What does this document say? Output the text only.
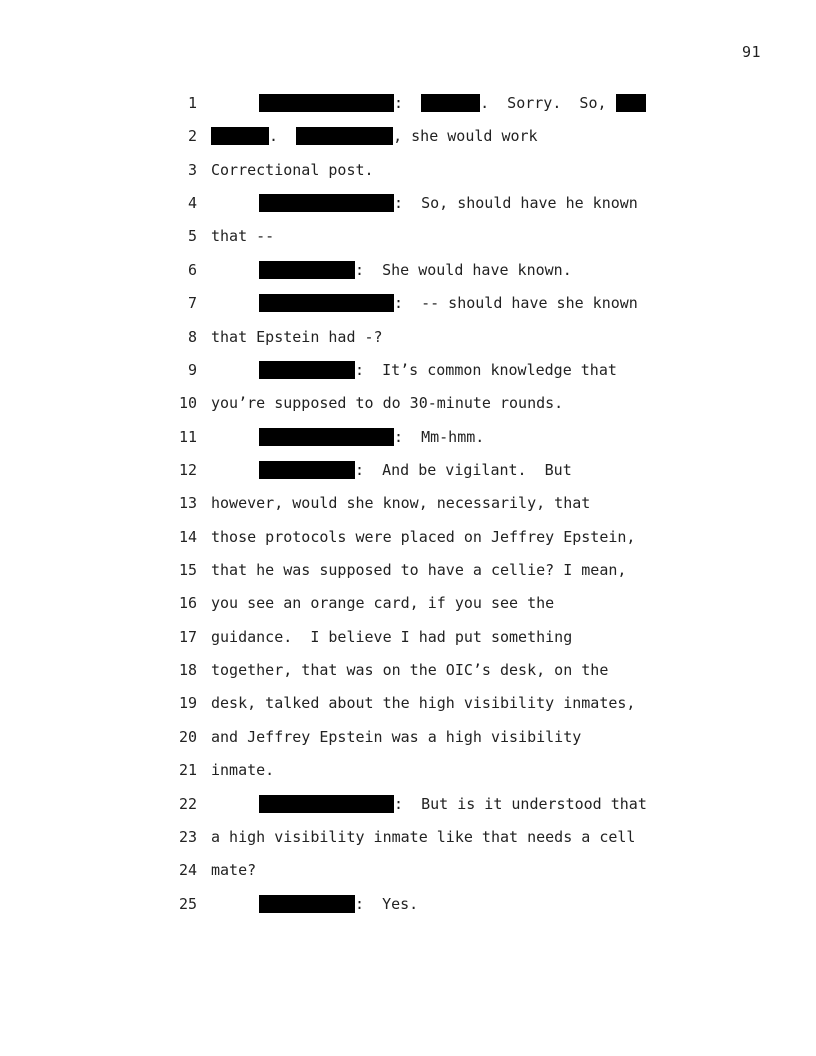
91
1	:	.  Sorry.  So,
2	.	, she would work
3 Correctional post.
4	:  So, should have he known
5 that --
6	:  She would have known.
7	:  -- should have she known
8 that Epstein had -?
9	:  It’s common knowledge that
10 you’re supposed to do 30-minute rounds.
11	:  Mm-hmm.
12	:  And be vigilant.  But
13 however, would she know, necessarily, that
14 those protocols were placed on Jeffrey Epstein,
15 that he was supposed to have a cellie? I mean,
16 you see an orange card, if you see the
17 guidance.  I believe I had put something
18 together, that was on the OIC’s desk, on the
19 desk, talked about the high visibility inmates,
20 and Jeffrey Epstein was a high visibility
21 inmate.
22	:  But is it understood that
23 a high visibility inmate like that needs a cell
24 mate?
25	:  Yes.
